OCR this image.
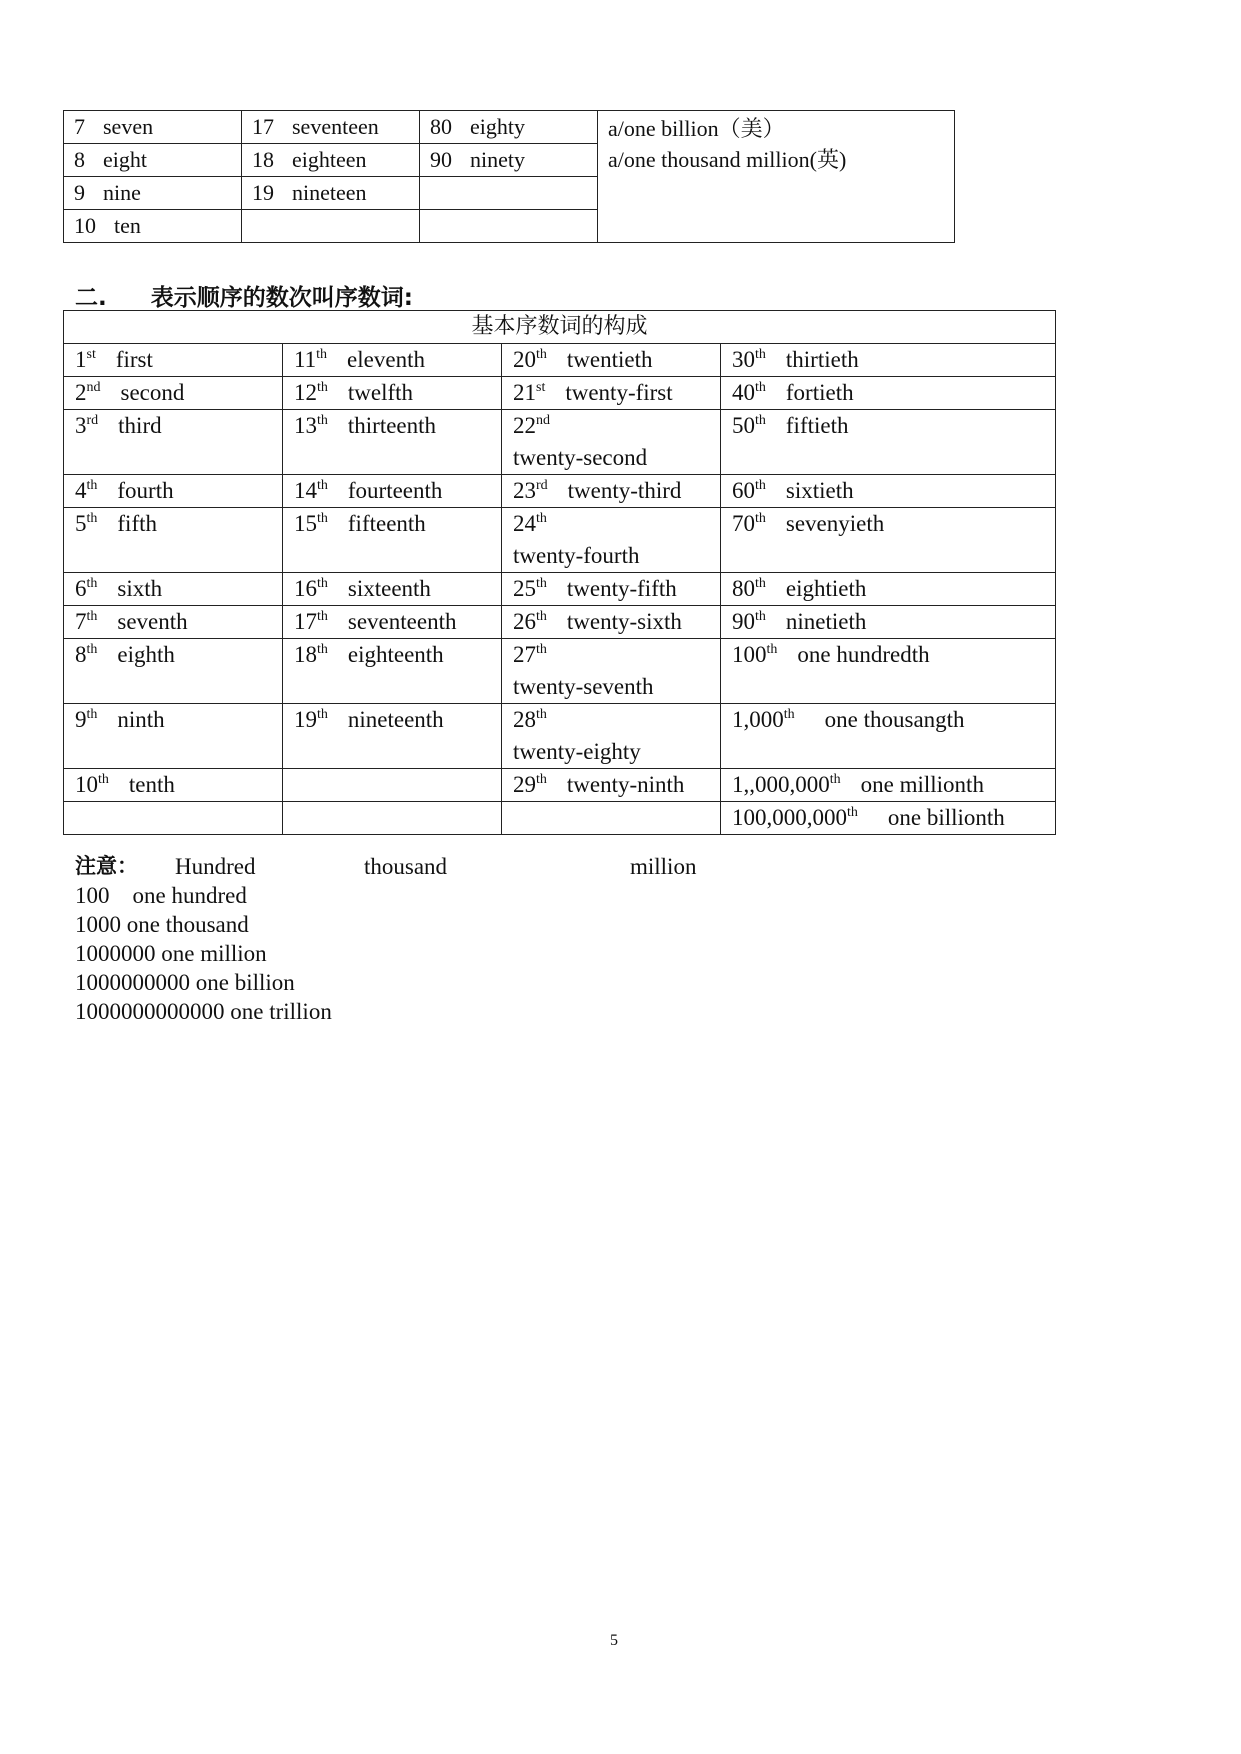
7 seven	17 seventeen	80 eighty	a/one billion（美）
a/one thousand million(英)

8 eight	18 eighteen	90 ninety	
9 nine	19 nineteen		
10 ten			
二. 表示顺序的数次叫序数词:
基本序数词的构成			
1st first	11th eleventh	20th twentieth	30th thirtieth
2nd second	12th twelfth	21st twenty-first	40th fortieth
3rd third	13th thirteenth	22nd
twenty-second	50th fiftieth
4th fourth	14th fourteenth	23rd twenty-third	60th sixtieth
5th fifth	15th fifteenth	24th
twenty-fourth	70th sevenyieth
6th sixth	16th sixteenth	25th twenty-fifth	80th eightieth
7th seventh	17th seventeenth	26th twenty-sixth	90th ninetieth
8th eighth	18th eighteenth	27th
twenty-seventh	100th one hundredth
9th ninth	19th nineteenth	28th
twenty-eighty	1,000th one thousangth
10th tenth		29th twenty-ninth	1,,000,000th one millionth
			100,000,000th one billionth
注意： Hundred	thousand	million
100    one hundred
1000 one thousand
1000000 one million
1000000000 one billion
1000000000000 one trillion
5
